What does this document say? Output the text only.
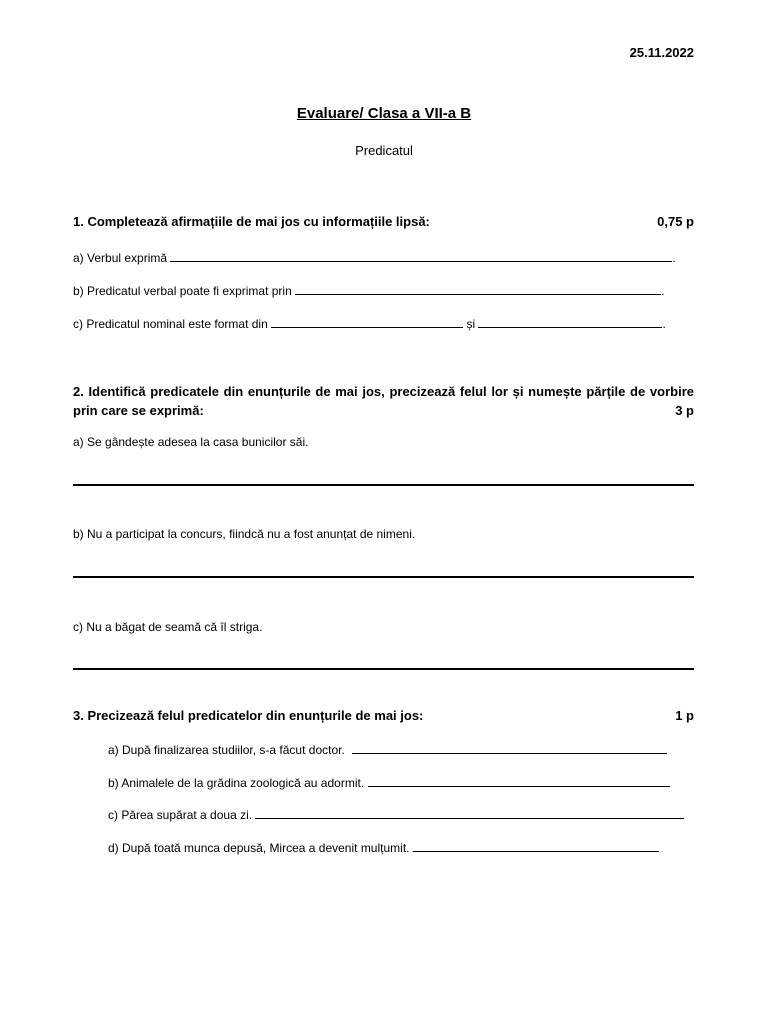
25.11.2022
Evaluare/ Clasa a VII-a B
Predicatul
1. Completează afirmațiile de mai jos cu informațiile lipsă:	0,75 p
a) Verbul exprimă	.
b) Predicatul verbal poate fi exprimat prin	.
c) Predicatul nominal este format din	și	.
2. Identifică predicatele din enunțurile de mai jos, precizează felul lor și numește părțile de vorbire prin care se exprimă:	3 p
a) Se gândește adesea la casa bunicilor săi.
b) Nu a participat la concurs, fiindcă nu a fost anunțat de nimeni.
c) Nu a băgat de seamă că îl striga.
3. Precizează felul predicatelor din enunțurile de mai jos:	1 p
a) După finalizarea studiilor, s-a făcut doctor.
b) Animalele de la grădina zoologică au adormit.
c) Părea supărat a doua zi.
d) După toată munca depusă, Mircea a devenit mulțumit.
